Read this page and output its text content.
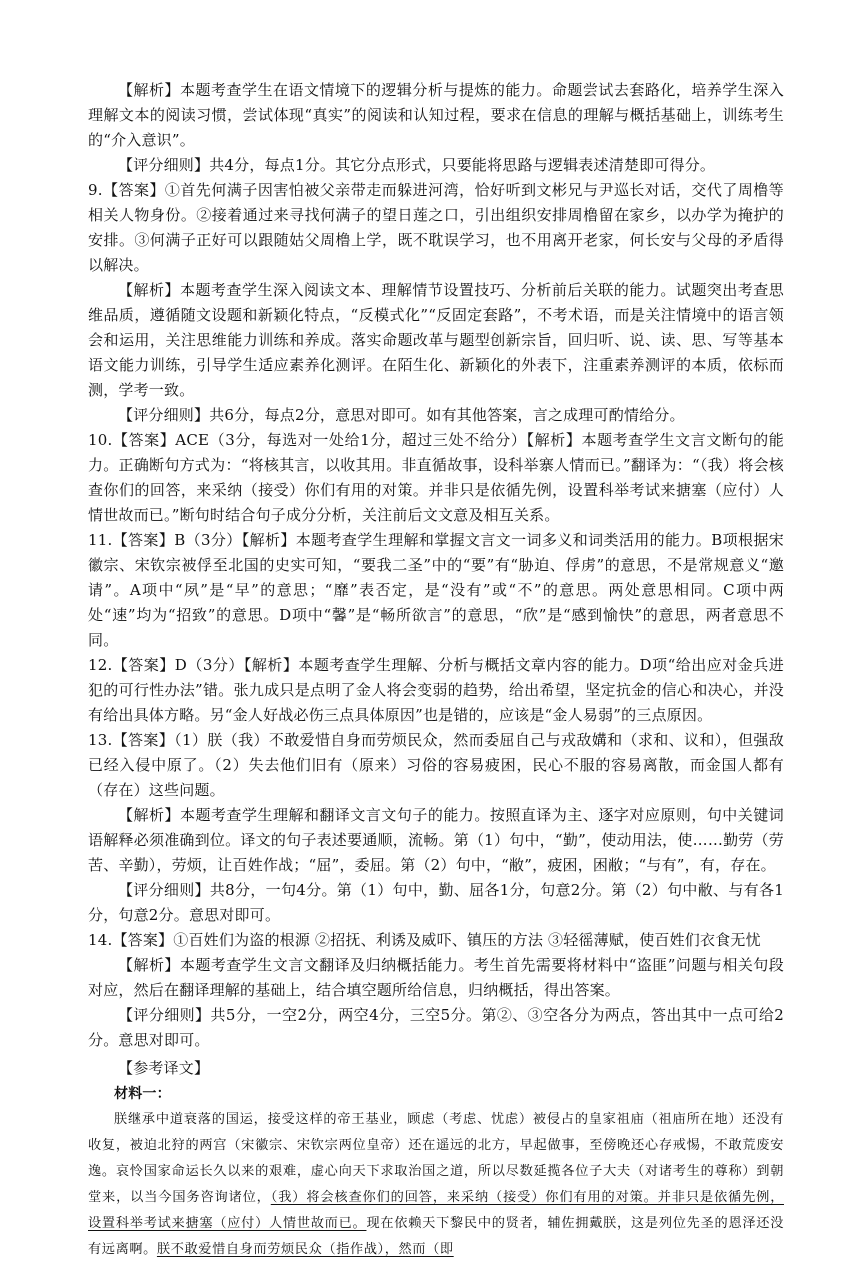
【解析】本题考查学生在语文情境下的逻辑分析与提炼的能力。命题尝试去套路化，培养学生深入理解文本的阅读习惯，尝试体现“真实”的阅读和认知过程，要求在信息的理解与概括基础上，训练考生的“介入意识”。

【评分细则】共4分，每点1分。其它分点形式，只要能将思路与逻辑表述清楚即可得分。

9.【答案】①首先何满子因害怕被父亲带走而躲进河湾，恰好听到文彬兄与尹巡长对话，交代了周橹等相关人物身份。②接着通过来寻找何满子的望日莲之口，引出组织安排周橹留在家乡，以办学为掩护的安排。③何满子正好可以跟随姑父周橹上学，既不耽误学习，也不用离开老家，何长安与父母的矛盾得以解决。

【解析】本题考查学生深入阅读文本、理解情节设置技巧、分析前后关联的能力。试题突出考查思维品质，遵循随文设题和新颖化特点，“反模式化”“反固定套路”，不考术语，而是关注情境中的语言领会和运用，关注思维能力训练和养成。落实命题改革与题型创新宗旨，回归听、说、读、思、写等基本语文能力训练，引导学生适应素养化测评。在陌生化、新颖化的外表下，注重素养测评的本质，依标而测，学考一致。

【评分细则】共6分，每点2分，意思对即可。如有其他答案，言之成理可酌情给分。

10.【答案】ACE（3分，每选对一处给1分，超过三处不给分）【解析】本题考查学生文言文断句的能力。正确断句方式为：“将核其言，以收其用。非直循故事，设科举寨人情而已。”翻译为：“（我）将会核查你们的回答，来采纳（接受）你们有用的对策。并非只是依循先例，设置科举考试来搪塞（应付）人情世故而已。”断句时结合句子成分分析，关注前后文文意及相互关系。

11.【答案】B（3分）【解析】本题考查学生理解和掌握文言文一词多义和词类活用的能力。B项根据宋徽宗、宋钦宗被俘至北国的史实可知，“要我二圣”中的“要”有“胁迫、俘虏”的意思，不是常规意义“邀请”。A项中“夙”是“早”的意思；“靡”表否定，是“没有”或“不”的意思。两处意思相同。C项中两处“速”均为“招致”的意思。D项中“馨”是“畅所欲言”的意思，“欣”是“感到愉快”的意思，两者意思不同。

12.【答案】D（3分）【解析】本题考查学生理解、分析与概括文章内容的能力。D项“给出应对金兵进犯的可行性办法”错。张九成只是点明了金人将会变弱的趋势，给出希望，坚定抗金的信心和决心，并没有给出具体方略。另“金人好战必伤三点具体原因”也是错的，应该是“金人易弱”的三点原因。

13.【答案】（1）朕（我）不敢爱惜自身而劳烦民众，然而委屈自己与戎敌媾和（求和、议和），但强敌已经入侵中原了。（2）失去他们旧有（原来）习俗的容易疲困，民心不服的容易离散，而金国人都有（存在）这些问题。

【解析】本题考查学生理解和翻译文言文句子的能力。按照直译为主、逐字对应原则，句中关键词语解释必须准确到位。译文的句子表述要通顺，流畅。第（1）句中，“勤”，使动用法，使……勤劳（劳苦、辛勤），劳烦，让百姓作战；“屈”，委屈。第（2）句中，“敝”，疲困，困敝；“与有”，有，存在。

【评分细则】共8分，一句4分。第（1）句中，勤、屈各1分，句意2分。第（2）句中敝、与有各1分，句意2分。意思对即可。

14.【答案】①百姓们为盗的根源 ②招抚、利诱及威吓、镇压的方法 ③轻徭薄赋，使百姓们衣食无忧

【解析】本题考查学生文言文翻译及归纳概括能力。考生首先需要将材料中“盗匪”问题与相关句段对应，然后在翻译理解的基础上，结合填空题所给信息，归纳概括，得出答案。

【评分细则】共5分，一空2分，两空4分，三空5分。第②、③空各分为两点，答出其中一点可给2分。意思对即可。

【参考译文】

材料一：

朕继承中道衰落的国运，接受这样的帝王基业，顾虑（考虑、忧虑）被侵占的皇家祖庙（祖庙所在地）还没有收复，被迫北狩的两宫（宋徽宗、宋钦宗两位皇帝）还在遥远的北方，早起做事，至傍晚还心存戒惕，不敢荒废安逸。哀怜国家命运长久以来的艰难，虚心向天下求取治国之道，所以尽数延揽各位子大夫（对诸考生的尊称）到朝堂来，以当今国务咨询诸位，（我）将会核查你们的回答，来采纳（接受）你们有用的对策。并非只是依循先例，设置科举考试来搪塞（应付）人情世故而已。现在依赖天下黎民中的贤者，辅佐拥戴朕，这是列位先圣的恩泽还没有远离啊。朕不敢爱惜自身而劳烦民众（指作战），然而（即
